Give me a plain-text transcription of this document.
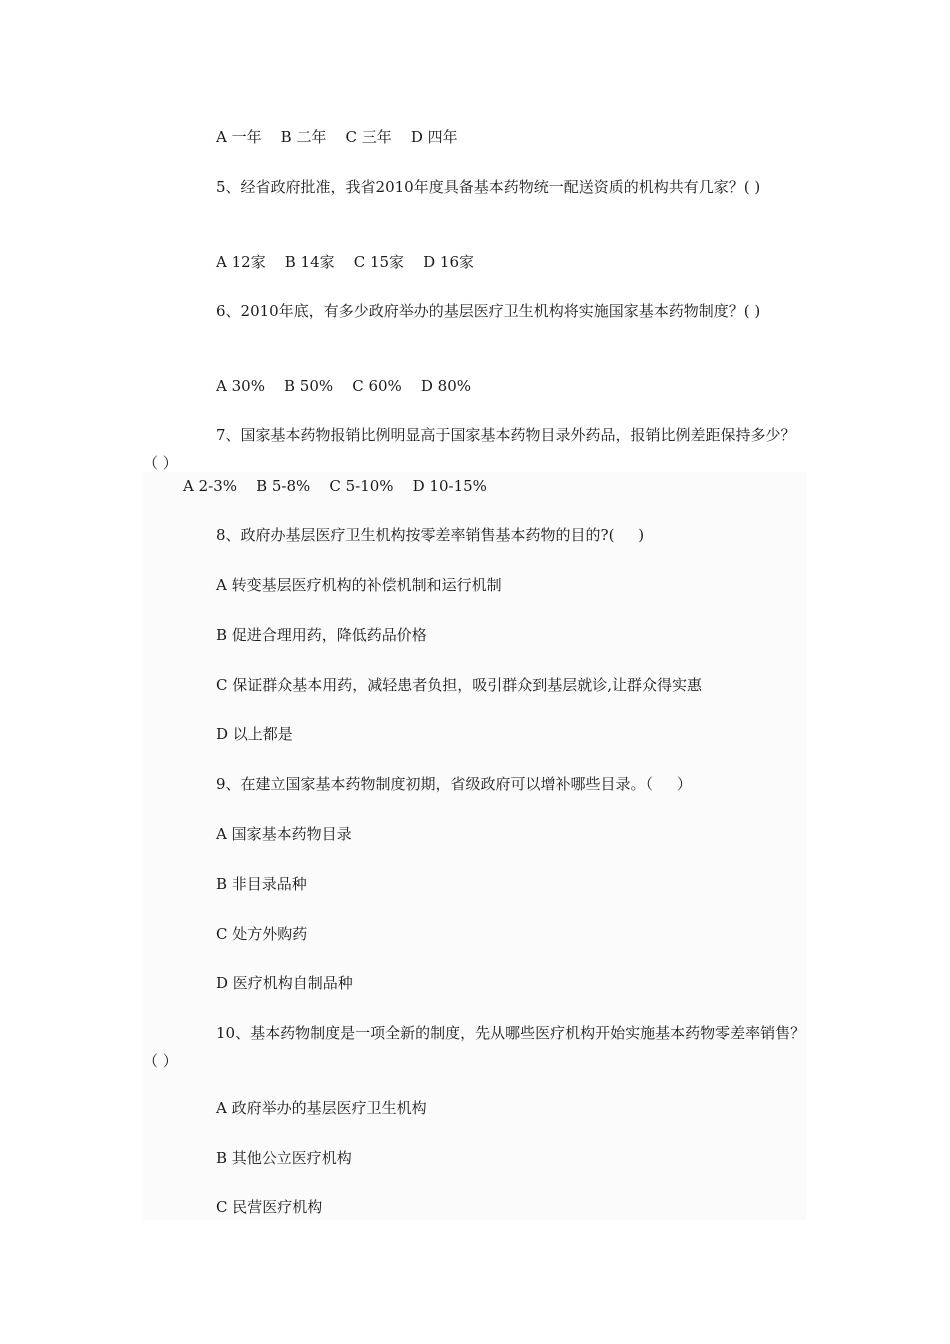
A 一年    B 二年    C 三年    D 四年
5、经省政府批准，我省2010年度具备基本药物统一配送资质的机构共有几家？( )
A 12家    B 14家    C 15家    D 16家
6、2010年底，有多少政府举办的基层医疗卫生机构将实施国家基本药物制度？( )
A 30%    B 50%    C 60%    D 80%
7、国家基本药物报销比例明显高于国家基本药物目录外药品，报销比例差距保持多少？（ ）
A 2-3%    B 5-8%    C 5-10%    D 10-15%
8、政府办基层医疗卫生机构按零差率销售基本药物的目的?(     )
A 转变基层医疗机构的补偿机制和运行机制
B 促进合理用药，降低药品价格
C 保证群众基本用药，减轻患者负担，吸引群众到基层就诊,让群众得实惠
D 以上都是
9、在建立国家基本药物制度初期，省级政府可以增补哪些目录。（     ）
A 国家基本药物目录
B 非目录品种
C 处方外购药
D 医疗机构自制品种
10、基本药物制度是一项全新的制度，先从哪些医疗机构开始实施基本药物零差率销售？（ ）
A 政府举办的基层医疗卫生机构
B 其他公立医疗机构
C 民营医疗机构
